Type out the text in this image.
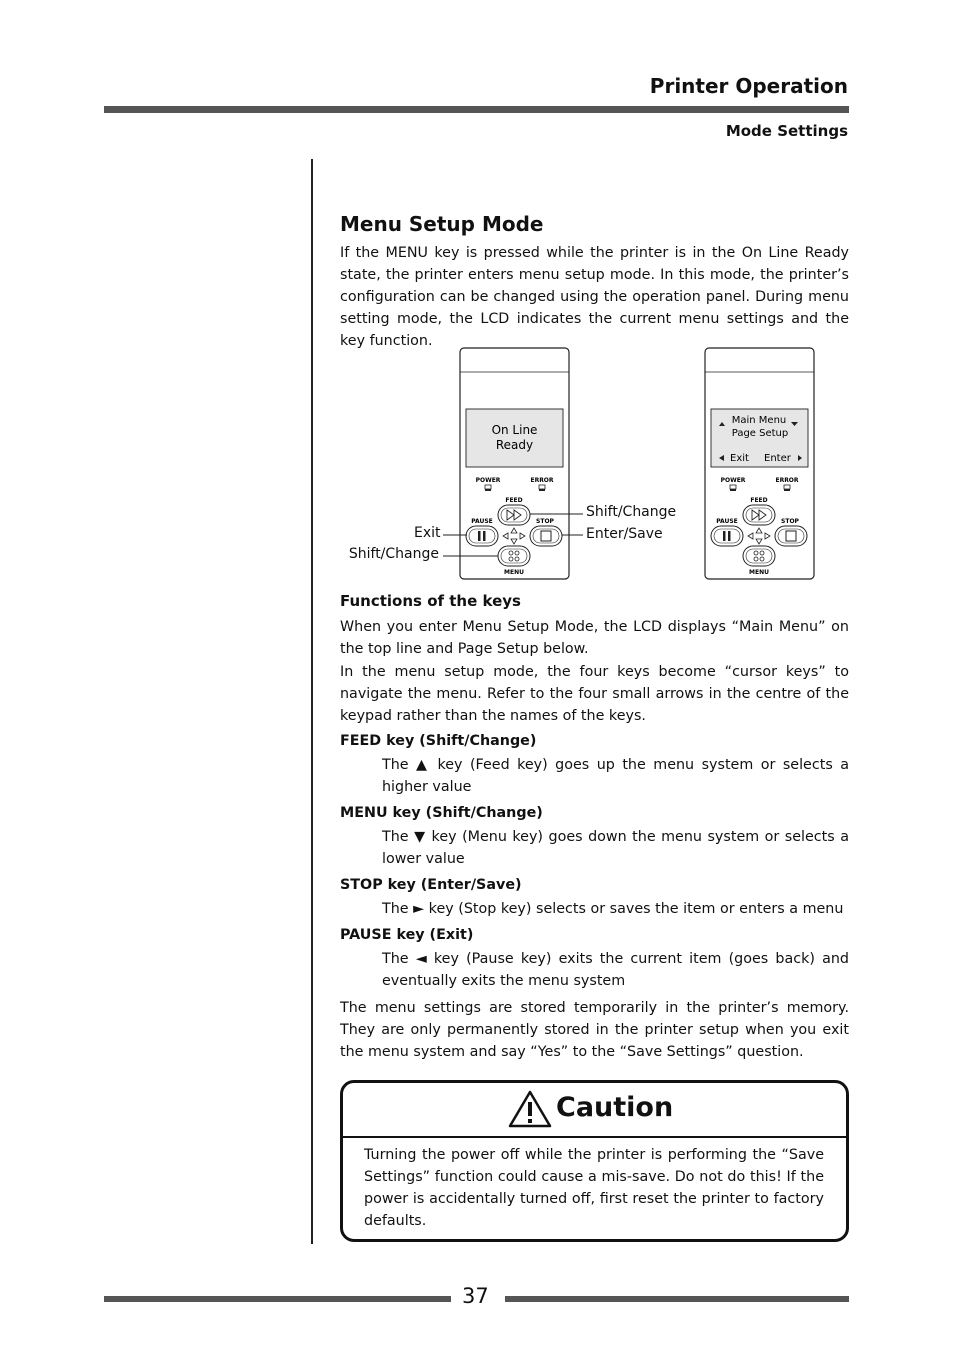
Printer Operation
Mode Settings
Menu Setup Mode

If the MENU key is pressed while the printer is in the On Line Ready state, the printer enters menu setup mode. In this mode, the printer’s configuration can be changed using the operation panel. During menu setting mode, the LCD indicates the current menu settings and the key function.

On Line
Ready
POWER	ERROR
FEED
PAUSE	STOP
MENU
Main Menu
Page Setup
Exit Enter
POWER	ERROR
FEED
PAUSE	STOP
MENU
Exit
Shift/Change
Shift/Change
Enter/Save
Functions of the keys

When you enter Menu Setup Mode, the LCD displays “Main Menu” on the top line and Page Setup below.

In the menu setup mode, the four keys become “cursor keys” to navigate the menu. Refer to the four small arrows in the centre of the keypad rather than the names of the keys.

FEED key (Shift/Change)

The ▲ key (Feed key) goes up the menu system or selects a higher value

MENU key (Shift/Change)

The ▼ key (Menu key) goes down the menu system or selects a lower value

STOP key (Enter/Save)

The ► key (Stop key) selects or saves the item or enters a menu

PAUSE key (Exit)

The ◄ key (Pause key) exits the current item (goes back) and eventually exits the menu system

The menu settings are stored temporarily in the printer’s memory. They are only permanently stored in the printer setup when you exit the menu system and say “Yes” to the “Save Settings” question.

Caution

Turning the power off while the printer is performing the “Save Settings” function could cause a mis-save. Do not do this! If the power is accidentally turned off, first reset the printer to factory defaults.

37
